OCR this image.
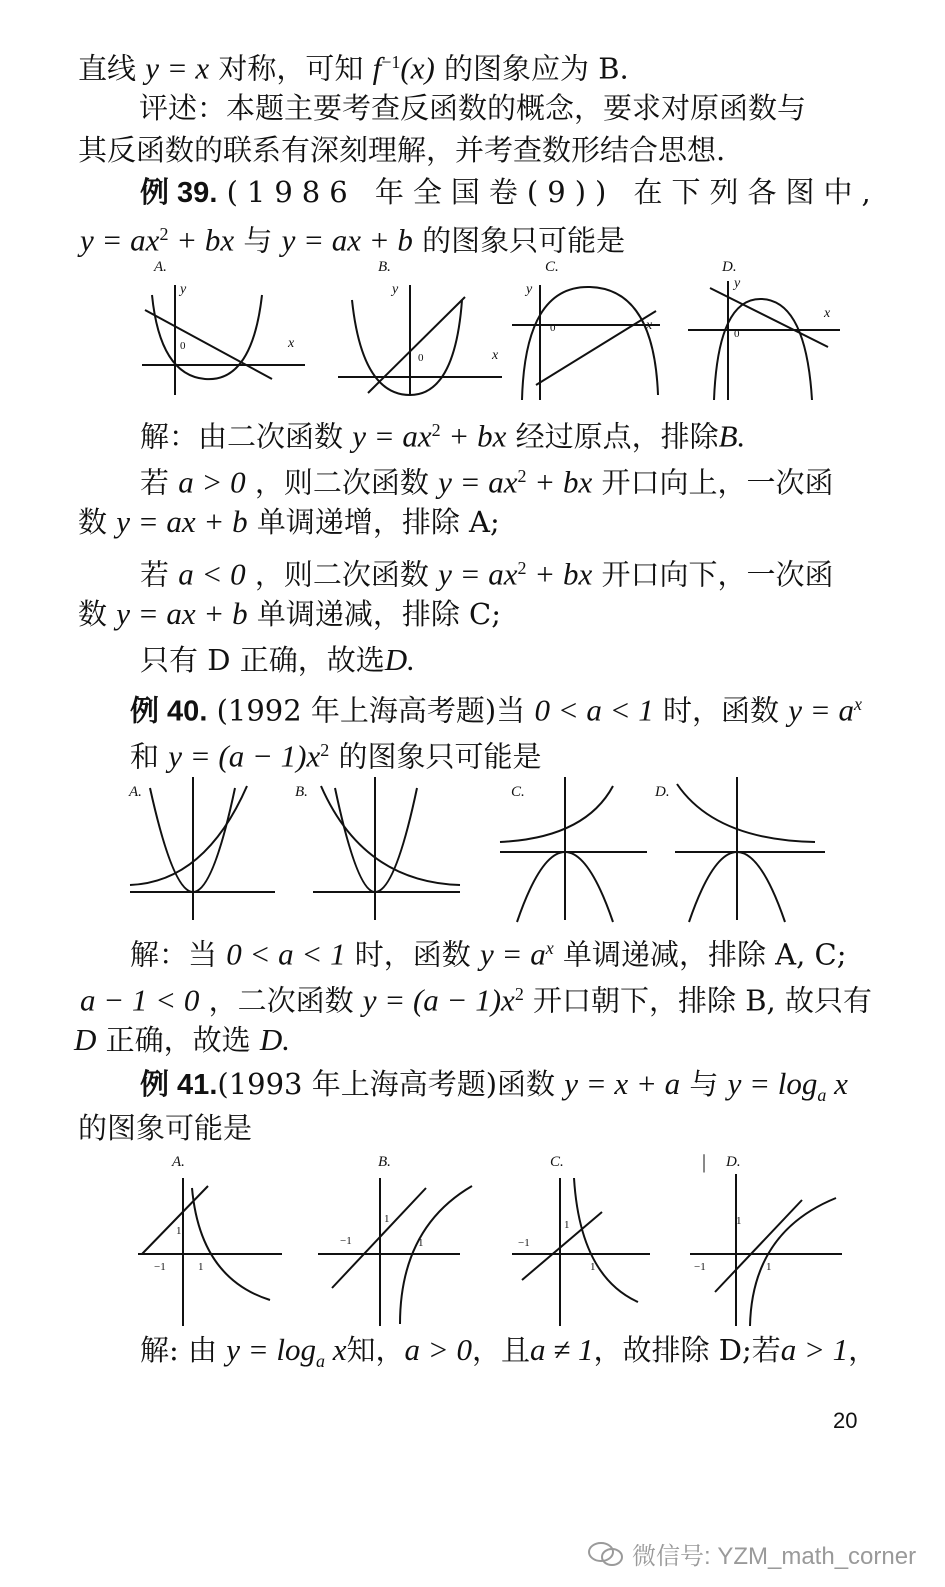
直线 y = x 对称，可知 $f^{-1}(x)$ 的图象应为 B.
评述：本题主要考查反函数的概念，要求对原函数与
其反函数的联系有深刻理解，并考查数形结合思想.
例 39. (1986 年全国卷(9)) 在下列各图中,
$y = ax^2$ + bx 与 y = ax + b 的图象只可能是
A.
y
x
0
B.
y
x
0
C.
y
x
0
D.
y
x
0
解：由二次函数 $y = ax^2$ + bx 经过原点，排除B.
若 a > 0 ，则二次函数 $y = ax^2$ + bx 开口向上，一次函
数 y = ax + b 单调递增，排除 A;
若 a < 0 ，则二次函数 $y = ax^2$ + bx 开口向下，一次函
数 y = ax + b 单调递减，排除 C;
只有 D 正确，故选D.
例 40. (1992 年上海高考题)当 0 < a < 1 时，函数 $y = a^x$
和 $y = (a - 1)x^2$ 的图象只可能是
A.	B.	C.	D.
解：当 0 < a < 1 时，函数 $y = a^x$ 单调递减，排除 A, C;
a − 1 < 0 ，二次函数 $y = (a - 1)x^2$ 开口朝下，排除 B, 故只有
D 正确，故选 D.
例 41.(1993 年上海高考题)函数 y = x + a 与 $y = \log_a x$
的图象可能是
A.
1
−1	1
B.
1
−1	1
C.
1
−1
1
| D.
1
−1	1
解: 由 $y = \log_a x$知，a > 0，且a ≠ 1，故排除 D;若a > 1，
20
微信号: YZM_math_corner
